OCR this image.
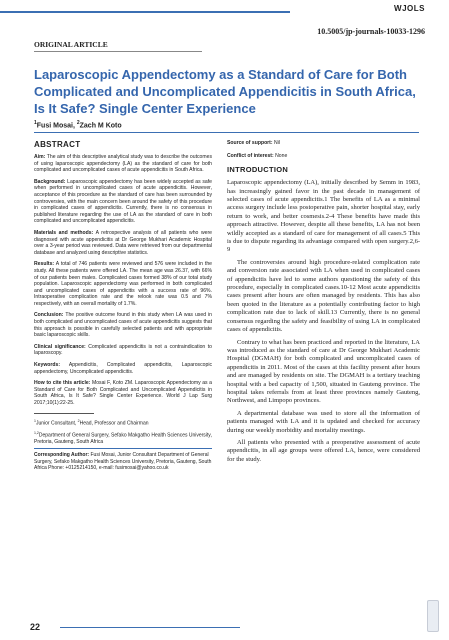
WJOLS
10.5005/jp-journals-10033-1296
ORIGINAL ARTICLE
Laparoscopic Appendectomy as a Standard of Care for Both Complicated and Uncomplicated Appendicitis in South Africa, Is It Safe? Single Center Experience
$^1$Fusi Mosai, $^2$Zach M Koto
ABSTRACT

Aim: The aim of this descriptive analytical study was to describe the outcomes of using laparoscopic appendectomy (LA) as the standard of care for both complicated and uncomplicated cases of acute appendicitis in South Africa.

Background: Laparoscopic appendectomy has been widely accepted as safe when performed in uncomplicated cases of acute appendicitis. However, acceptance of this procedure as the standard of care has been surrounded by controversies, with the main concern been around the safety of this procedure in complicated cases of appendicitis. Currently, there is no consensus in published literature regarding the use of LA as the standard of care in both complicated and uncomplicated appendicitis.

Materials and methods: A retrospective analysis of all patients who were diagnosed with acute appendicitis at Dr George Mukhari Academic Hospital over a 3-year period was reviewed. Data were retrieved from our departmental database and analyzed using descriptive statistics.

Results: A total of 746 patients were reviewed and 576 were included in the study. All these patients were offered LA. The mean age was 26.37, with 66% of our patients been males. Complicated cases formed 38% of our total study population. Laparoscopic appendectomy was performed in both complicated and uncomplicated cases of appendicitis with a success rate of 96%. Intraoperative complication rate and the relook rate was 0.5 and 7% respectively, with an overall mortality of 1.7%.

Conclusion: The positive outcome found in this study when LA was used in both complicated and uncomplicated cases of acute appendicitis suggests that this approach is possible in carefully selected patients and with appropriate basic laparoscopic skills.

Clinical significance: Complicated appendicitis is not a contraindication to laparoscopy.

Keywords: Appendicitis, Complicated appendicitis, Laparoscopic appendectomy, Uncomplicated appendicitis.

How to cite this article: Mosai F, Koto ZM. Laparoscopic Appendectomy as a Standard of Care for Both Complicated and Uncomplicated Appendicitis in South Africa, Is It Safe? Single Center Experience. World J Lap Surg 2017;10(1):22-25.

$^1$Junior Consultant, $^2$Head, Professor and Chairman

$^{1,2}$Department of General Surgery, Sefako Makgatho Health Sciences University, Pretoria, Gauteng, South Africa

Corresponding Author: Fusi Mosai, Junior Consultant Department of General Surgery, Sefako Makgatho Health Sciences University, Pretoria, Gauteng, South Africa Phone: +0125214150, e-mail: fusimosai@yahoo.co.uk

Source of support: Nil

Conflict of interest: None

INTRODUCTION

Laparoscopic appendectomy (LA), initially described by Semm in 1983, has increasingly gained favor in the past decade in management of selected cases of acute appendicitis.1 The benefits of LA as a minimal access surgery include less postoperative pain, shorter hospital stay, early return to work, and better cosmesis.2-4 These benefits have made this approach attractive. However, despite all these benefits, LA has not been wildly accepted as a standard of care for management of all cases.5 This is due to dispute regarding its advantage compared with open surgery.2,6-9

The controversies around high procedure-related complication rate and conversion rate associated with LA when used in complicated cases of appendicitis have led to some authors questioning the safety of this procedure, especially in complicated cases.10-12 Most acute appendicitis cases present after hours are often managed by residents. This has also been quoted in the literature as a potentially contributing factor to high complication rate due to lack of skill.13 Currently, there is no general consensus regarding the safety and feasibility of using LA in complicated cases of appendicitis.

Contrary to what has been practiced and reported in the literature, LA was introduced as the standard of care at Dr George Mukhari Academic Hospital (DGMAH) for both complicated and uncomplicated cases of appendicitis in 2011. Most of the cases at this facility present after hours and are managed by residents on site. The DGMAH is a tertiary teaching hospital with a bed capacity of 1,500, situated in Gauteng province. The hospital takes referrals from at least three provinces namely Gauteng, Northwest, and Limpopo provinces.

A departmental database was used to store all the information of patients managed with LA and it is updated and checked for accuracy during our weekly morbidity and mortality meetings.

All patients who presented with a preoperative assessment of acute appendicitis, in all age groups were offered LA, hence, were considered for the study.

22
